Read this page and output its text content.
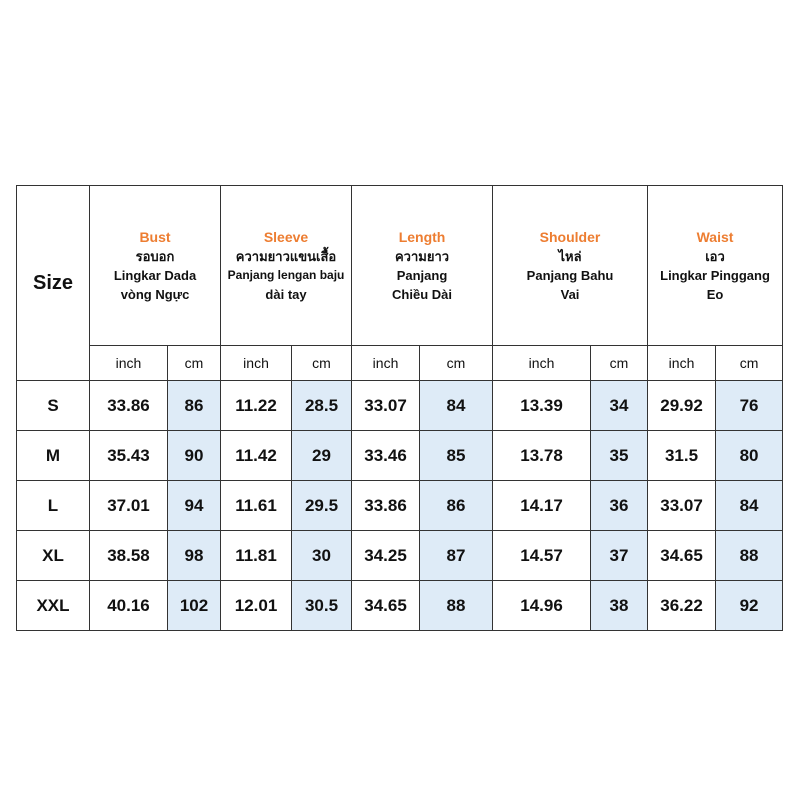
Size	Bust
รอบอก
Lingkar Dada
vòng Ngực		Sleeve
ความยาวแขนเสื้อ
Panjang lengan baju
dài tay		Length
ความยาว
Panjang
Chiều Dài		Shoulder
ไหล่
Panjang Bahu
Vai		Waist
เอว
Lingkar Pinggang
Eo	

	inch	cm	inch	cm	inch	cm	inch	cm	inch	cm
S	33.86	86	11.22	28.5	33.07	84	13.39	34	29.92	76
M	35.43	90	11.42	29	33.46	85	13.78	35	31.5	80
L	37.01	94	11.61	29.5	33.86	86	14.17	36	33.07	84
XL	38.58	98	11.81	30	34.25	87	14.57	37	34.65	88
XXL	40.16	102	12.01	30.5	34.65	88	14.96	38	36.22	92
